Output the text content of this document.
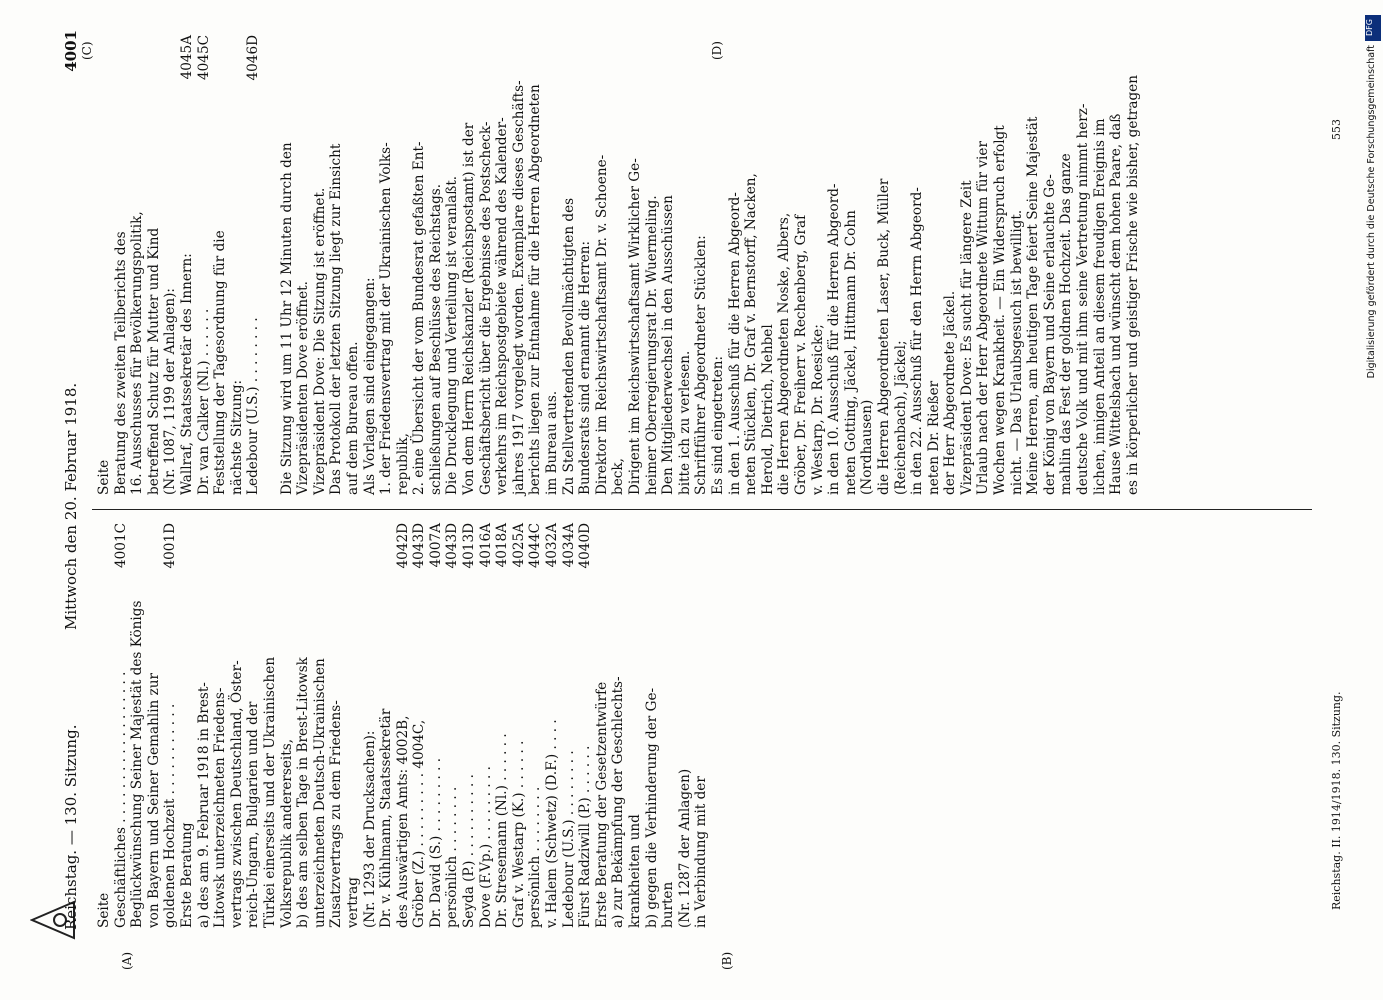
Reichstag. — 130. Sitzung.
Mittwoch den 20. Februar 1918.
4001
(A)	(B)
(C)	(D)
Seite Geschäftliches . . . . . . . . . . . . . . . . . .
4001C
Beglückwünschung Seiner Majestät des Königs von Bayern und Seiner Gemahlin zur goldenen Hochzeit . . . . . . . . . . .
4001D
Erste Beratung a) des am 9. Februar 1918 in Brest- Litowsk unterzeichneten Friedens- vertrags zwischen Deutschland, Öster- reich-Ungarn, Bulgarien und der Türkei einerseits und der Ukrainischen Volksrepublik andererseits, b) des am selben Tage in Brest-Litowsk unterzeichneten Deutsch-Ukrainischen Zusatzvertrags zu dem Friedens- vertrag (Nr. 1293 der Drucksachen): Dr. v. Kühlmann, Staatssekretär des Auswärtigen Amts: 4002B,
4042D
Gröber (Z.) . . . . . . . . . 4004C,
4043D
Dr. David (S.) . . . . . . . . .
4007A
persönlich . . . . . . . .
4043D
Seyda (P.) . . . . . . . . . .
4013D
Dove (F.Vp.) . . . . . . . . .
4016A
Dr. Stresemann (Nl.) . . . . . .
4018A
Graf v. Westarp (K.) . . . . . .
4025A
persönlich . . . . . . . .
4044C
v. Halem (Schwetz) (D.F.) . . . .
4032A
Ledebour (U.S.) . . . . . . . .
4034A
Fürst Radziwill (P.) . . . . . .
4040D
Erste Beratung der Gesetzentwürfe a) zur Bekämpfung der Geschlechts- krankheiten und b) gegen die Verhinderung der Ge- burten (Nr. 1287 der Anlagen) in Verbindung mit der
Seite Beratung des zweiten Teilberichts des 16. Ausschusses für Bevölkerungspolitik, betreffend Schutz für Mutter und Kind (Nr. 1087, 1199 der Anlagen): Wallraf, Staatssekretär des Innern:
4045A
Dr. van Calker (Nl.) . . . . . .
4045C
Feststellung der Tagesordnung für die nächste Sitzung: Ledebour (U.S.) . . . . . . . .
4046D
Die Sitzung wird um 11 Uhr 12 Minuten durch den Vizepräsidenten Dove eröffnet. Vizepräsident Dove: Die Sitzung ist eröffnet. Das Protokoll der letzten Sitzung liegt zur Einsicht auf dem Bureau offen. Als Vorlagen sind eingegangen: 1. der Friedensvertrag mit der Ukrainischen Volks- republik, 2. eine Übersicht der vom Bundesrat gefaßten Ent- schließungen auf Beschlüsse des Reichstags. Die Drucklegung und Verteilung ist veranlaßt. Von dem Herrn Reichskanzler (Reichspostamt) ist der Geschäftsbericht über die Ergebnisse des Postscheck- verkehrs im Reichspostgebiete während des Kalender- jahres 1917 vorgelegt worden. Exemplare dieses Geschäfts- berichts liegen zur Entnahme für die Herren Abgeordneten im Bureau aus. Zu Stellvertretenden Bevollmächtigten des Bundesrats sind ernannt die Herren: Direktor im Reichswirtschaftsamt Dr. v. Schoene- beck, Dirigent im Reichswirtschaftsamt Wirklicher Ge- heimer Oberregierungsrat Dr. Wuermeling. Den Mitgliederwechsel in den Ausschüssen bitte ich zu verlesen. Schriftführer Abgeordneter Stücklen: Es sind eingetreten: in den 1. Ausschuß für die Herren Abgeord- neten Stücklen, Dr. Graf v. Bernstorff, Nacken, Herold, Dietrich, Nehbel die Herren Abgeordneten Noske, Albers, Gröber, Dr. Freiherr v. Rechenberg, Graf v. Westarp, Dr. Roesicke; in den 10. Ausschuß für die Herren Abgeord- neten Gotting, Jäckel, Hittmann Dr. Cohn (Nordhausen) die Herren Abgeordneten Laser, Buck, Müller (Reichenbach), Jäckel; in den 22. Ausschuß für den Herrn Abgeord- neten Dr. Rießer der Herr Abgeordnete Jäckel. Vizepräsident Dove: Es sucht für längere Zeit Urlaub nach der Herr Abgeordnete Wittum für vier Wochen wegen Krankheit. — Ein Widerspruch erfolgt nicht. — Das Urlaubsgesuch ist bewilligt. Meine Herren, am heutigen Tage feiert Seine Majestät der König von Bayern und Seine erlauchte Ge- mahlin das Fest der goldnen Hochzeit. Das ganze deutsche Volk und mit ihm seine Vertretung nimmt herz- lichen, innigen Anteil an diesem freudigen Ereignis im Hause Wittelsbach und wünscht dem hohen Paare, daß es in körperlicher und geistiger Frische wie bisher, getragen
Reichstag. II. 1914/1918. 130. Sitzung.
553
DFG
Digitalisierung gefördert durch die Deutsche Forschungsgemeinschaft
